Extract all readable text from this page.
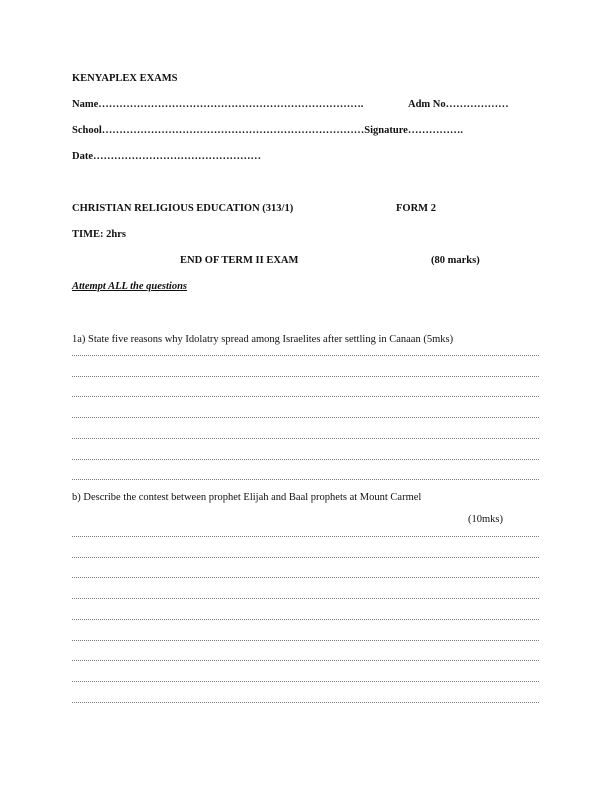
KENYAPLEX EXAMS
Name………………………………………………………………….	Adm No………………
School…………………………………………………………………Signature…………….
Date…………………………………………
CHRISTIAN RELIGIOUS EDUCATION (313/1)	FORM 2
TIME: 2hrs
END OF TERM II EXAM	(80 marks)
Attempt ALL the questions
1a) State five reasons why Idolatry spread among Israelites after settling in Canaan (5mks)
b) Describe the contest between prophet Elijah and Baal prophets at Mount Carmel
(10mks)
